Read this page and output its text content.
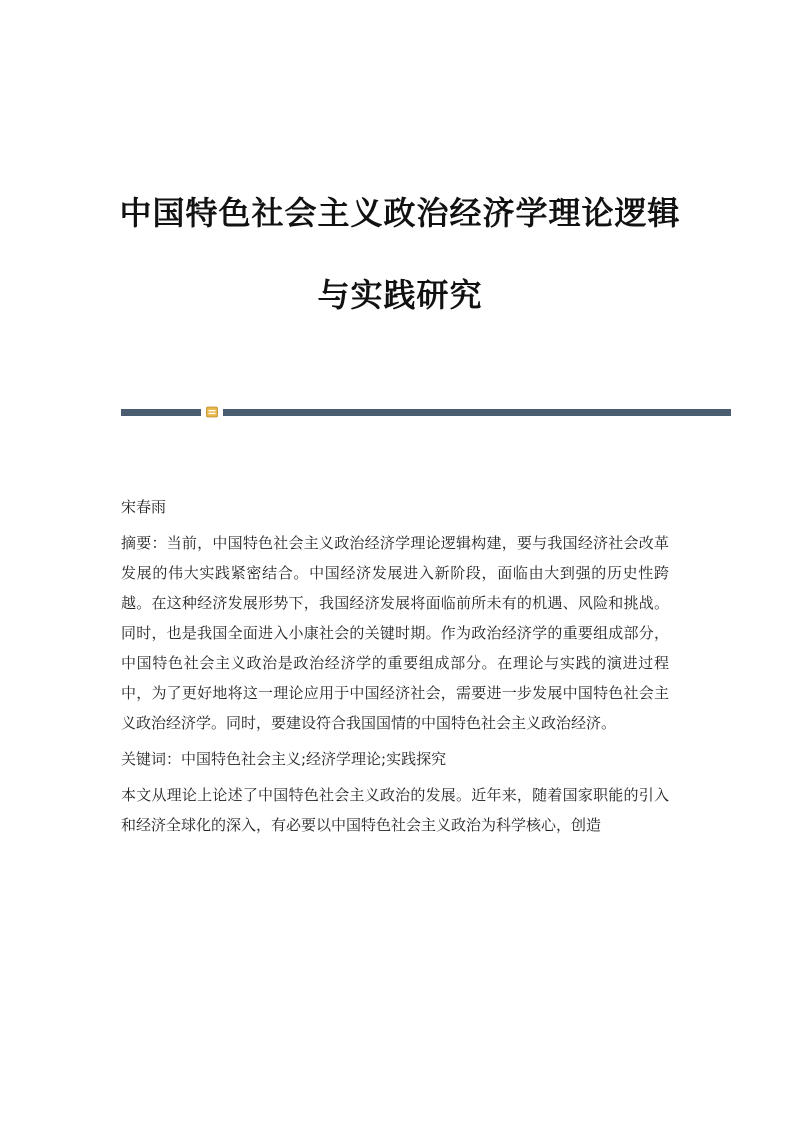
中国特色社会主义政治经济学理论逻辑
与实践研究

宋春雨

摘要：当前，中国特色社会主义政治经济学理论逻辑构建，要与我国经济社会改革发展的伟大实践紧密结合。中国经济发展进入新阶段，面临由大到强的历史性跨越。在这种经济发展形势下，我国经济发展将面临前所未有的机遇、风险和挑战。同时，也是我国全面进入小康社会的关键时期。作为政治经济学的重要组成部分，中国特色社会主义政治是政治经济学的重要组成部分。在理论与实践的演进过程中，为了更好地将这一理论应用于中国经济社会，需要进一步发展中国特色社会主义政治经济学。同时，要建设符合我国国情的中国特色社会主义政治经济。

关键词：中国特色社会主义;经济学理论;实践探究

本文从理论上论述了中国特色社会主义政治的发展。近年来，随着国家职能的引入和经济全球化的深入，有必要以中国特色社会主义政治为科学核心，创造
